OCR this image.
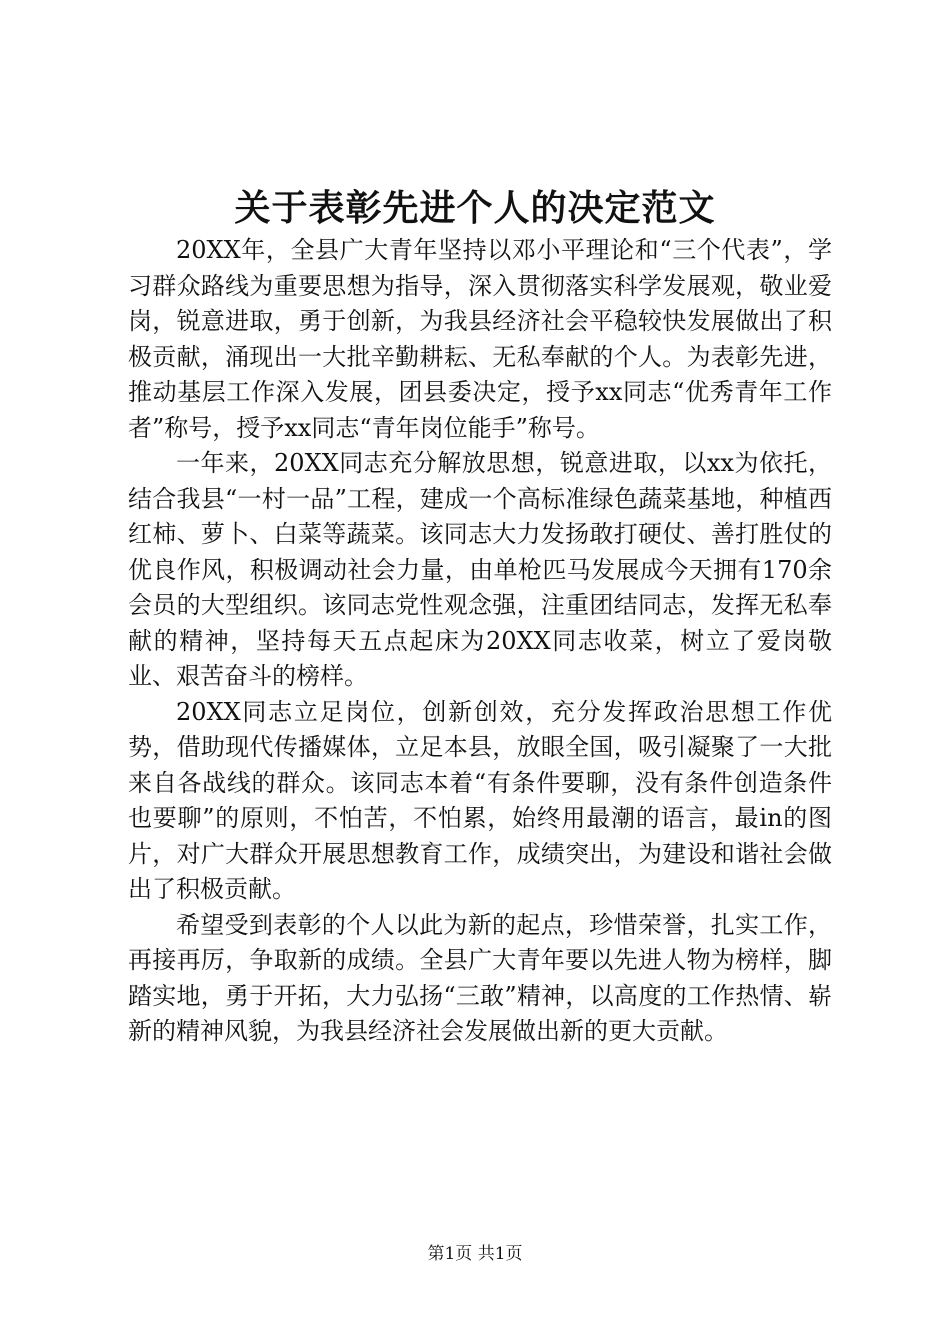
关于表彰先进个人的决定范文

20XX年，全县广大青年坚持以邓小平理论和“三个代表”，学习群众路线为重要思想为指导，深入贯彻落实科学发展观，敬业爱岗，锐意进取，勇于创新，为我县经济社会平稳较快发展做出了积极贡献，涌现出一大批辛勤耕耘、无私奉献的个人。为表彰先进，推动基层工作深入发展，团县委决定，授予xx同志“优秀青年工作者”称号，授予xx同志“青年岗位能手”称号。

一年来，20XX同志充分解放思想，锐意进取，以xx为依托，结合我县“一村一品”工程，建成一个高标准绿色蔬菜基地，种植西红柿、萝卜、白菜等蔬菜。该同志大力发扬敢打硬仗、善打胜仗的优良作风，积极调动社会力量，由单枪匹马发展成今天拥有170余会员的大型组织。该同志党性观念强，注重团结同志，发挥无私奉献的精神，坚持每天五点起床为20XX同志收菜，树立了爱岗敬业、艰苦奋斗的榜样。

20XX同志立足岗位，创新创效，充分发挥政治思想工作优势，借助现代传播媒体，立足本县，放眼全国，吸引凝聚了一大批来自各战线的群众。该同志本着“有条件要聊，没有条件创造条件也要聊”的原则，不怕苦，不怕累，始终用最潮的语言，最in的图片，对广大群众开展思想教育工作，成绩突出，为建设和谐社会做出了积极贡献。

希望受到表彰的个人以此为新的起点，珍惜荣誉，扎实工作，再接再厉，争取新的成绩。全县广大青年要以先进人物为榜样，脚踏实地，勇于开拓，大力弘扬“三敢”精神，以高度的工作热情、崭新的精神风貌，为我县经济社会发展做出新的更大贡献。

第1页 共1页
